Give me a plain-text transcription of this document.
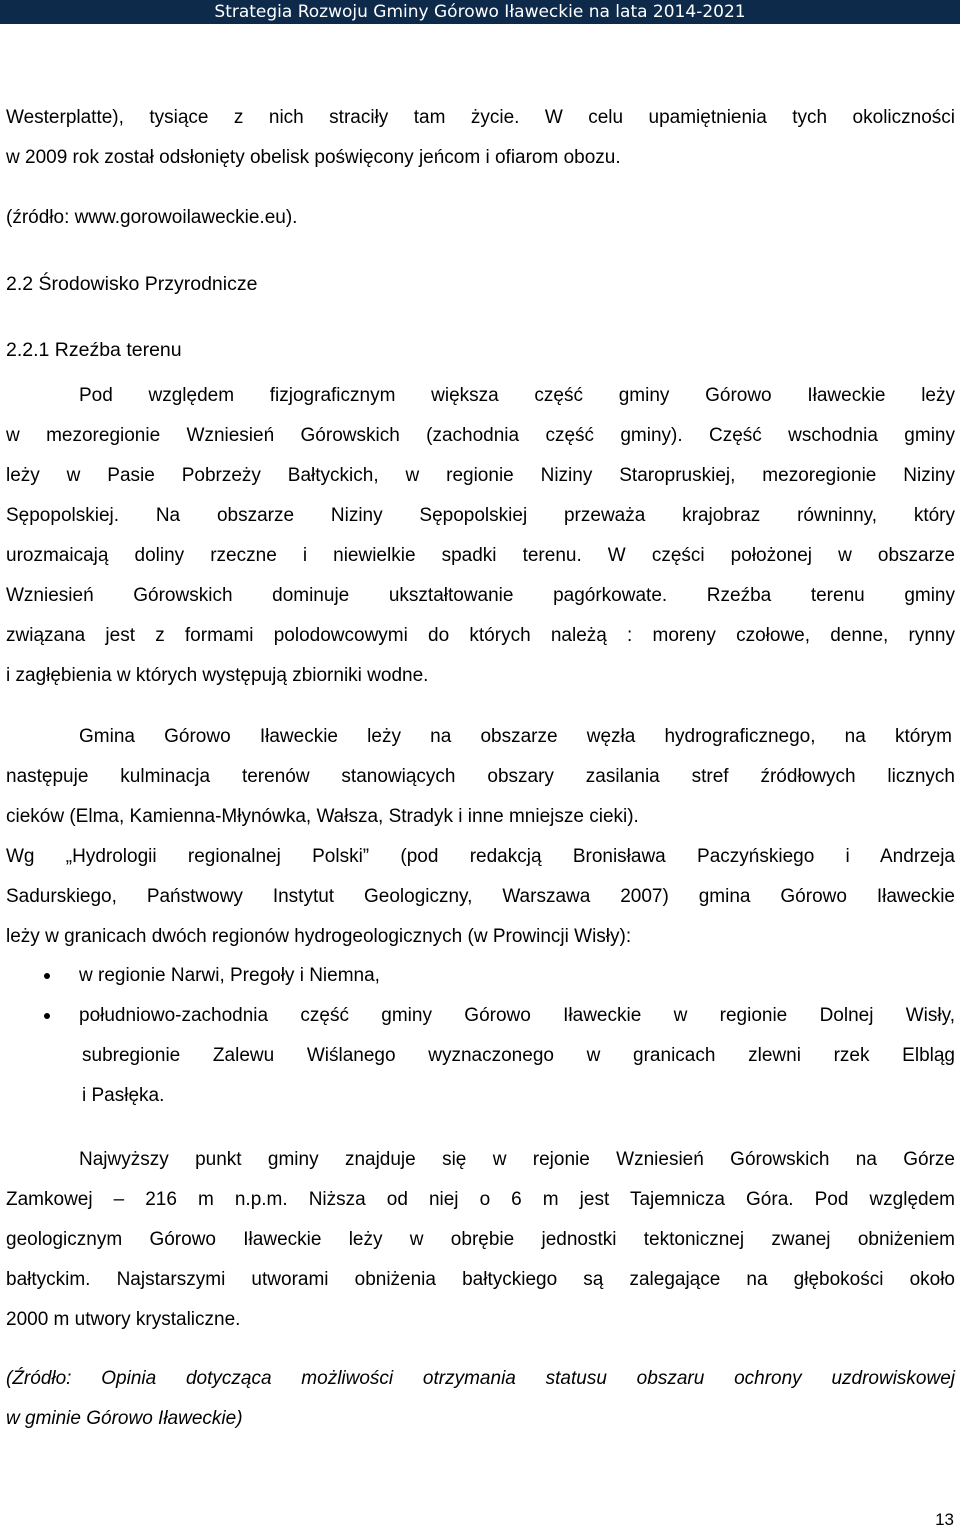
Strategia Rozwoju Gminy Górowo Iławeckie na lata 2014-2021
Westerplatte), tysiące z nich straciły tam życie. W celu upamiętnienia tych okoliczności
w 2009 rok został odsłonięty obelisk poświęcony jeńcom i ofiarom obozu.
(źródło: www.gorowoilaweckie.eu).
2.2 Środowisko Przyrodnicze
2.2.1 Rzeźba terenu
Pod względem fizjograficznym większa część gminy Górowo Iławeckie leży
w mezoregionie Wzniesień Górowskich (zachodnia część gminy). Część wschodnia gminy
leży w Pasie Pobrzeży Bałtyckich, w regionie Niziny Staropruskiej, mezoregionie Niziny
Sępopolskiej. Na obszarze Niziny Sępopolskiej przeważa krajobraz równinny, który
urozmaicają doliny rzeczne i niewielkie spadki terenu. W części położonej w obszarze
Wzniesień Górowskich dominuje ukształtowanie pagórkowate. Rzeźba terenu gminy
związana jest z formami polodowcowymi do których należą : moreny czołowe, denne, rynny
i zagłębienia w których występują zbiorniki wodne.
Gmina Górowo Iławeckie leży na obszarze węzła hydrograficznego, na którym
następuje kulminacja terenów stanowiących obszary zasilania stref źródłowych licznych
cieków (Elma, Kamienna-Młynówka, Wałsza, Stradyk i inne mniejsze cieki).
Wg „Hydrologii regionalnej Polski” (pod redakcją Bronisława Paczyńskiego i Andrzeja
Sadurskiego, Państwowy Instytut Geologiczny, Warszawa 2007) gmina Górowo Iławeckie
leży w granicach dwóch regionów hydrogeologicznych (w Prowincji Wisły):
w regionie Narwi, Pregoły i Niemna,
południowo-zachodnia część gminy Górowo Iławeckie w regionie Dolnej Wisły,
subregionie Zalewu Wiślanego wyznaczonego w granicach zlewni rzek Elbląg
i Pasłęka.
Najwyższy punkt gminy znajduje się w rejonie Wzniesień Górowskich na Górze
Zamkowej – 216 m n.p.m. Niższa od niej o 6 m jest Tajemnicza Góra. Pod względem
geologicznym Górowo Iławeckie leży w obrębie jednostki tektonicznej zwanej obniżeniem
bałtyckim. Najstarszymi utworami obniżenia bałtyckiego są zalegające na głębokości około
2000 m utwory krystaliczne.
(Źródło: Opinia dotycząca możliwości otrzymania statusu obszaru ochrony uzdrowiskowej
w gminie Górowo Iławeckie)
13
